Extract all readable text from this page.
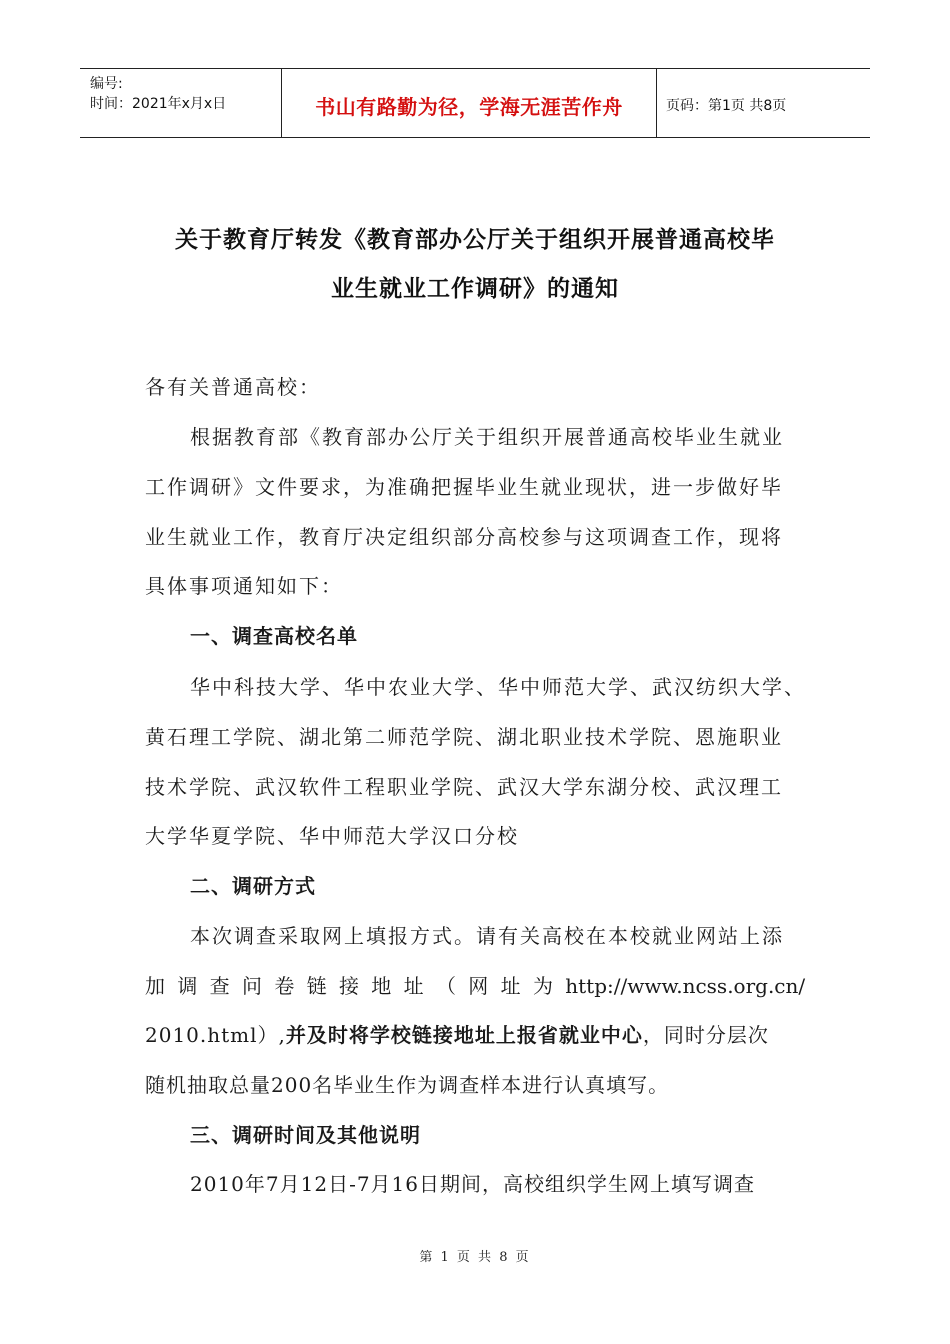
编号:
时间：2021年x月x日	书山有路勤为径，学海无涯苦作舟	页码：第1页 共8页
关于教育厅转发《教育部办公厅关于组织开展普通高校毕
业生就业工作调研》的通知
各有关普通高校：
根据教育部《教育部办公厅关于组织开展普通高校毕业生就业
工作调研》文件要求，为准确把握毕业生就业现状，进一步做好毕
业生就业工作，教育厅决定组织部分高校参与这项调查工作，现将
具体事项通知如下：
一、调查高校名单
华中科技大学、华中农业大学、华中师范大学、武汉纺织大学、
黄石理工学院、湖北第二师范学院、湖北职业技术学院、恩施职业
技术学院、武汉软件工程职业学院、武汉大学东湖分校、武汉理工
大学华夏学院、华中师范大学汉口分校
二、调研方式
本次调查采取网上填报方式。请有关高校在本校就业网站上添
加 调 查 问 卷 链 接 地 址 （ 网 址 为 http://www.ncss.org.cn/
2010.html）,并及时将学校链接地址上报省就业中心，同时分层次
随机抽取总量200名毕业生作为调查样本进行认真填写。
三、调研时间及其他说明
2010年7月12日-7月16日期间，高校组织学生网上填写调查
第 1 页 共 8 页
